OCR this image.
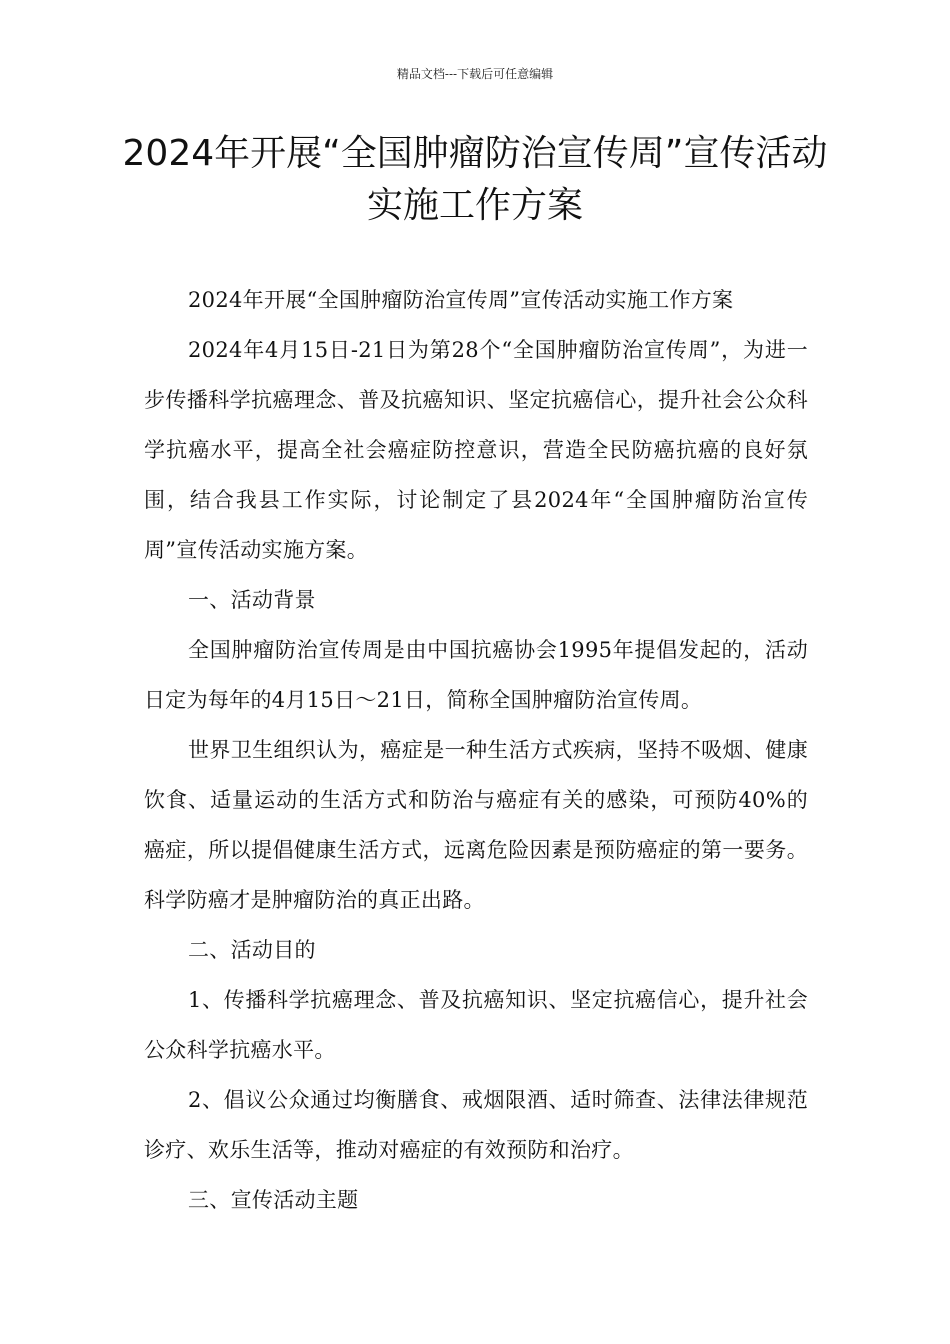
精品文档---下载后可任意编辑
2024年开展“全国肿瘤防治宣传周”宣传活动实施工作方案

2024年开展“全国肿瘤防治宣传周”宣传活动实施工作方案

2024年4月15日-21日为第28个“全国肿瘤防治宣传周”，为进一步传播科学抗癌理念、普及抗癌知识、坚定抗癌信心，提升社会公众科学抗癌水平，提高全社会癌症防控意识，营造全民防癌抗癌的良好氛围，结合我县工作实际，讨论制定了县2024年“全国肿瘤防治宣传周”宣传活动实施方案。

一、活动背景

全国肿瘤防治宣传周是由中国抗癌协会1995年提倡发起的，活动日定为每年的4月15日～21日，简称全国肿瘤防治宣传周。

世界卫生组织认为，癌症是一种生活方式疾病，坚持不吸烟、健康饮食、适量运动的生活方式和防治与癌症有关的感染，可预防40%的癌症，所以提倡健康生活方式，远离危险因素是预防癌症的第一要务。科学防癌才是肿瘤防治的真正出路。

二、活动目的

1、传播科学抗癌理念、普及抗癌知识、坚定抗癌信心，提升社会公众科学抗癌水平。

2、倡议公众通过均衡膳食、戒烟限酒、适时筛查、法律法律规范诊疗、欢乐生活等，推动对癌症的有效预防和治疗。

三、宣传活动主题
